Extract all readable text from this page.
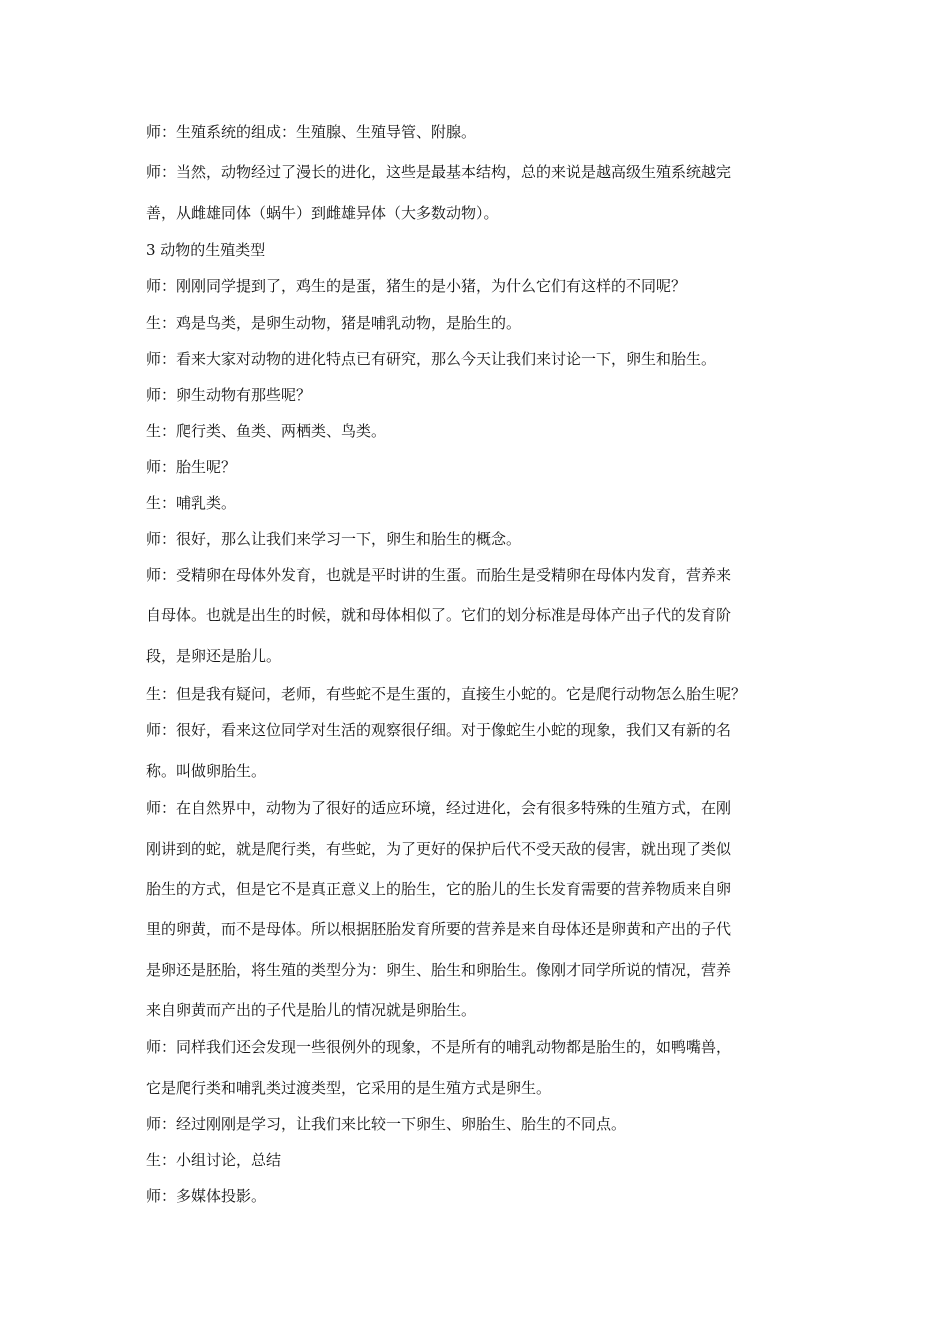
师：生殖系统的组成：生殖腺、生殖导管、附腺。
师：当然，动物经过了漫长的进化，这些是最基本结构，总的来说是越高级生殖系统越完
善，从雌雄同体（蜗牛）到雌雄异体（大多数动物）。
3 动物的生殖类型
师：刚刚同学提到了，鸡生的是蛋，猪生的是小猪，为什么它们有这样的不同呢？
生：鸡是鸟类，是卵生动物，猪是哺乳动物，是胎生的。
师：看来大家对动物的进化特点已有研究，那么今天让我们来讨论一下，卵生和胎生。
师：卵生动物有那些呢？
生：爬行类、鱼类、两栖类、鸟类。
师：胎生呢？
生：哺乳类。
师：很好，那么让我们来学习一下，卵生和胎生的概念。
师：受精卵在母体外发育，也就是平时讲的生蛋。而胎生是受精卵在母体内发育，营养来
自母体。也就是出生的时候，就和母体相似了。它们的划分标准是母体产出子代的发育阶
段，是卵还是胎儿。
生：但是我有疑问，老师，有些蛇不是生蛋的，直接生小蛇的。它是爬行动物怎么胎生呢？
师：很好，看来这位同学对生活的观察很仔细。对于像蛇生小蛇的现象，我们又有新的名
称。叫做卵胎生。
师：在自然界中，动物为了很好的适应环境，经过进化，会有很多特殊的生殖方式，在刚
刚讲到的蛇，就是爬行类，有些蛇，为了更好的保护后代不受天敌的侵害，就出现了类似
胎生的方式，但是它不是真正意义上的胎生，它的胎儿的生长发育需要的营养物质来自卵
里的卵黄，而不是母体。所以根据胚胎发育所要的营养是来自母体还是卵黄和产出的子代
是卵还是胚胎，将生殖的类型分为：卵生、胎生和卵胎生。像刚才同学所说的情况，营养
来自卵黄而产出的子代是胎儿的情况就是卵胎生。
师：同样我们还会发现一些很例外的现象，不是所有的哺乳动物都是胎生的，如鸭嘴兽，
它是爬行类和哺乳类过渡类型，它采用的是生殖方式是卵生。
师：经过刚刚是学习，让我们来比较一下卵生、卵胎生、胎生的不同点。
生：小组讨论，总结
师：多媒体投影。
